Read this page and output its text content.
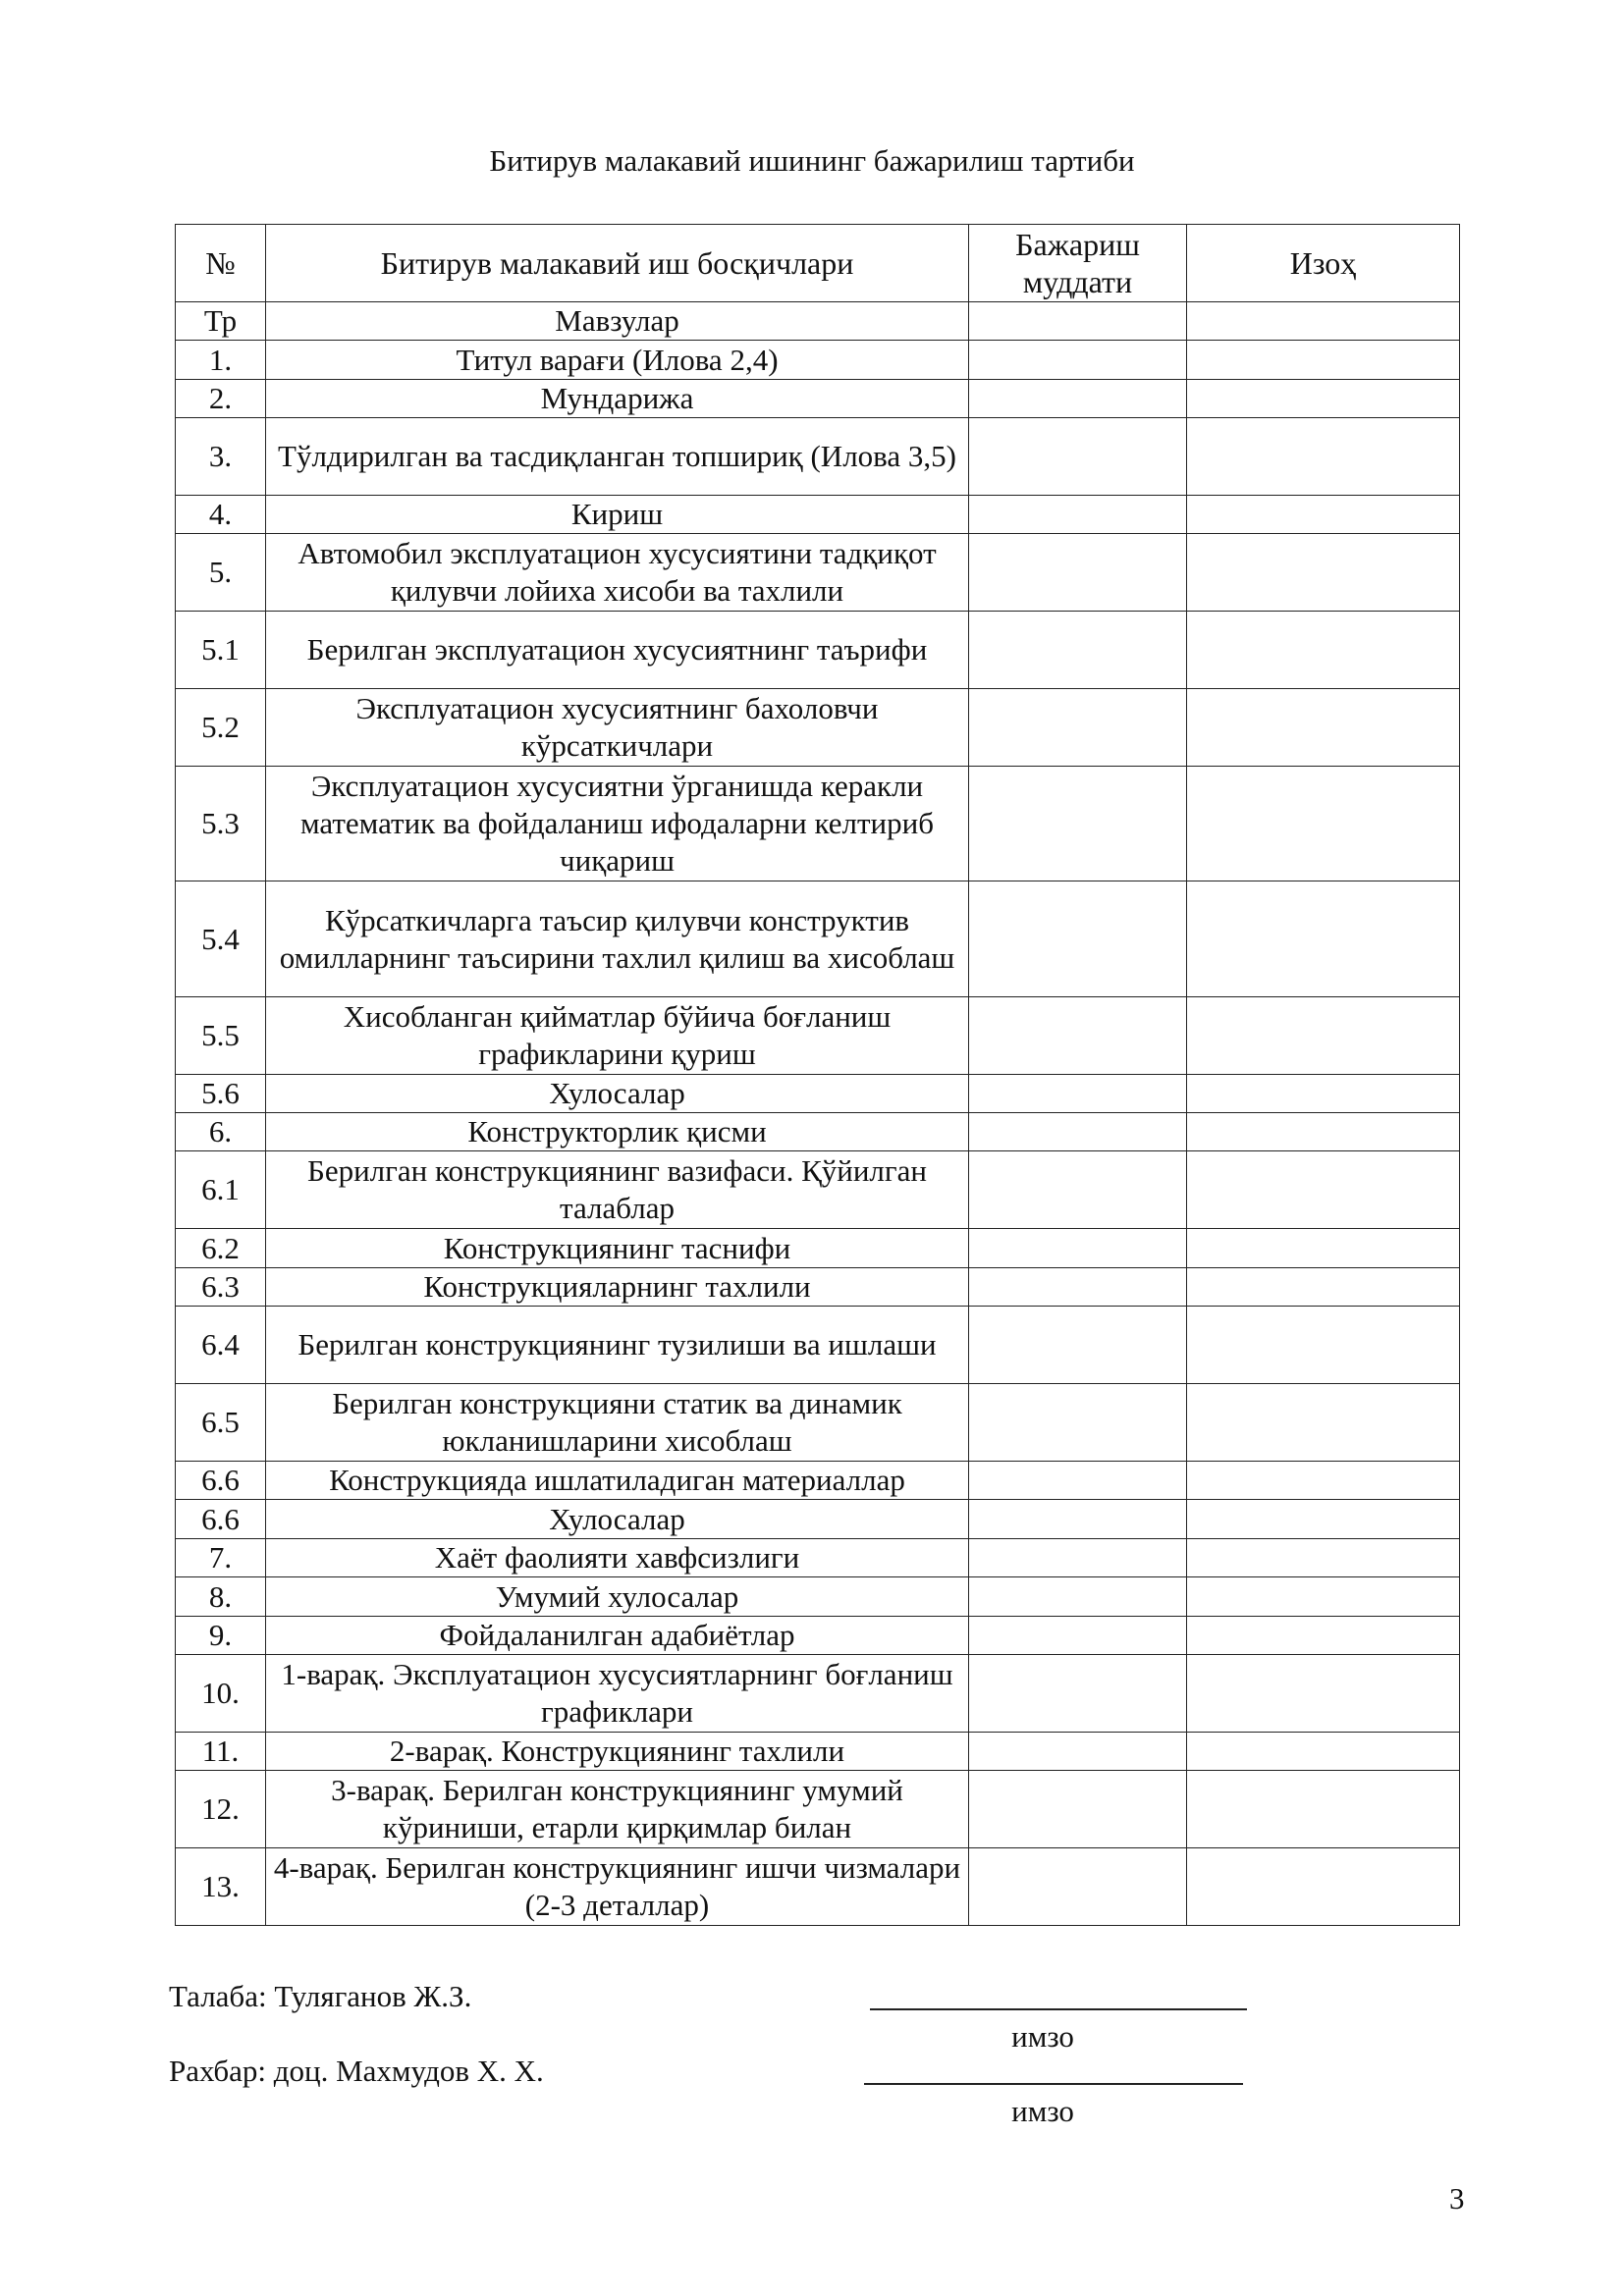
Битирув малакавий ишининг бажарилиш тартиби
№	Битирув малакавий иш босқичлари	Бажариш муддати	Изоҳ
Тр	Мавзулар		
1.	Титул варағи (Илова 2,4)		
2.	Мундарижа		
3.	Тўлдирилган ва тасдиқланган топшириқ (Илова 3,5)		
4.	Кириш		
5.	Автомобил эксплуатацион хусусиятини тадқиқот қилувчи лойиха хисоби ва тахлили		
5.1	Берилган эксплуатацион хусусиятнинг таърифи		
5.2	Эксплуатацион хусусиятнинг бахоловчи кўрсаткичлари		
5.3	Эксплуатацион хусусиятни ўрганишда керакли математик ва фойдаланиш ифодаларни келтириб чиқариш		
5.4	Кўрсаткичларга таъсир қилувчи конструктив омилларнинг таъсирини тахлил қилиш ва хисоблаш		
5.5	Хисобланган қийматлар бўйича боғланиш графикларини қуриш		
5.6	Хулосалар		
6.	Конструкторлик қисми		
6.1	Берилган конструкциянинг вазифаси. Қўйилган талаблар		
6.2	Конструкциянинг таснифи		
6.3	Конструкцияларнинг тахлили		
6.4	Берилган конструкциянинг тузилиши ва ишлаши		
6.5	Берилган конструкцияни статик ва динамик юкланишларини хисоблаш		
6.6	Конструкцияда ишлатиладиган материаллар		
6.6	Хулосалар		
7.	Хаёт фаолияти хавфсизлиги		
8.	Умумий хулосалар		
9.	Фойдаланилган адабиётлар		
10.	1-варақ. Эксплуатацион хусусиятларнинг боғланиш графиклари		
11.	2-варақ. Конструкциянинг тахлили		
12.	3-варақ. Берилган конструкциянинг умумий кўриниши, етарли қирқимлар билан		
13.	4-варақ. Берилган конструкциянинг ишчи чизмалари (2-3 деталлар)		
Талаба: Туляганов Ж.З.
имзо
Рахбар: доц. Махмудов Х. Х.
имзо
3
